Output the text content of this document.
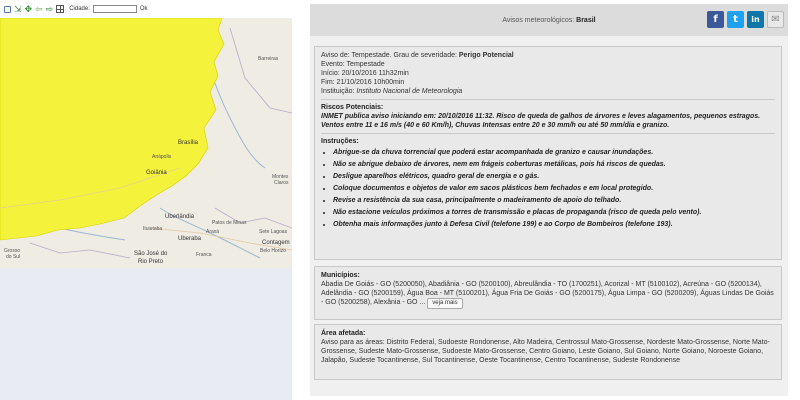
⇲ ✥ ⇦ ⇨	Cidade:	Ok
Barreiras
Brasília
Anápolis
Goiânia
Uberlândia
Ituiutaba
Patos de Minas
Araxá
Uberaba
Montes
Claros
Sete Lagoas
Contagem
Belo Horizo
São José do
Rio Preto
Franca
Grosso
do Sul
Avisos meteorológicos: Brasil	f	t	in	✉
Aviso de: Tempestade. Grau de severidade: Perigo Potencial
Evento: Tempestade
Início: 20/10/2016 11h32min
Fim: 21/10/2016 10h00min
Instituição: Instituto Nacional de Meteorologia
Riscos Potenciais:
INMET publica aviso iniciando em: 20/10/2016 11:32. Risco de queda de galhos de árvores e leves alagamentos, pequenos estragos. Ventos entre 11 e 16 m/s (40 e 60 Km/h), Chuvas Intensas entre 20 e 30 mm/h ou até 50 mm/dia e granizo.
Instruções:
• Abrigue-se da chuva torrencial que poderá estar acompanhada de granizo e causar inundações.
• Não se abrigue debaixo de árvores, nem em frágeis coberturas metálicas, pois há riscos de quedas.
• Desligue aparelhos elétricos, quadro geral de energia e o gás.
• Coloque documentos e objetos de valor em sacos plásticos bem fechados e em local protegido.
• Revise a resistência da sua casa, principalmente o madeiramento de apoio do telhado.
• Não estacione veículos próximos a torres de transmissão e placas de propaganda (risco de queda pelo vento).
• Obtenha mais informações junto à Defesa Civil (telefone 199) e ao Corpo de Bombeiros (telefone 193).
Municípios:
Abadia De Goiás - GO (5200050), Abadiânia - GO (5200100), Abreulândia - TO (1700251), Acorizal - MT (5100102), Acreúna - GO (5200134), Adelândia - GO (5200159), Água Boa - MT (5100201), Água Fria De Goiás - GO (5200175), Água Limpa - GO (5200209), Águas Lindas De Goiás - GO (5200258), Alexânia - GO ... veja mais
Área afetada:
Aviso para as áreas: Distrito Federal, Sudoeste Rondonense, Alto Madeira, Centrossul Mato-Grossense, Nordeste Mato-Grossense, Norte Mato-Grossense, Sudeste Mato-Grossense, Sudoeste Mato-Grossense, Centro Goiano, Leste Goiano, Sul Goiano, Norte Goiano, Noroeste Goiano, Jalapão, Sudeste Tocantinense, Sul Tocantinense, Oeste Tocantinense, Centro Tocantinense, Sudeste Rondonense
